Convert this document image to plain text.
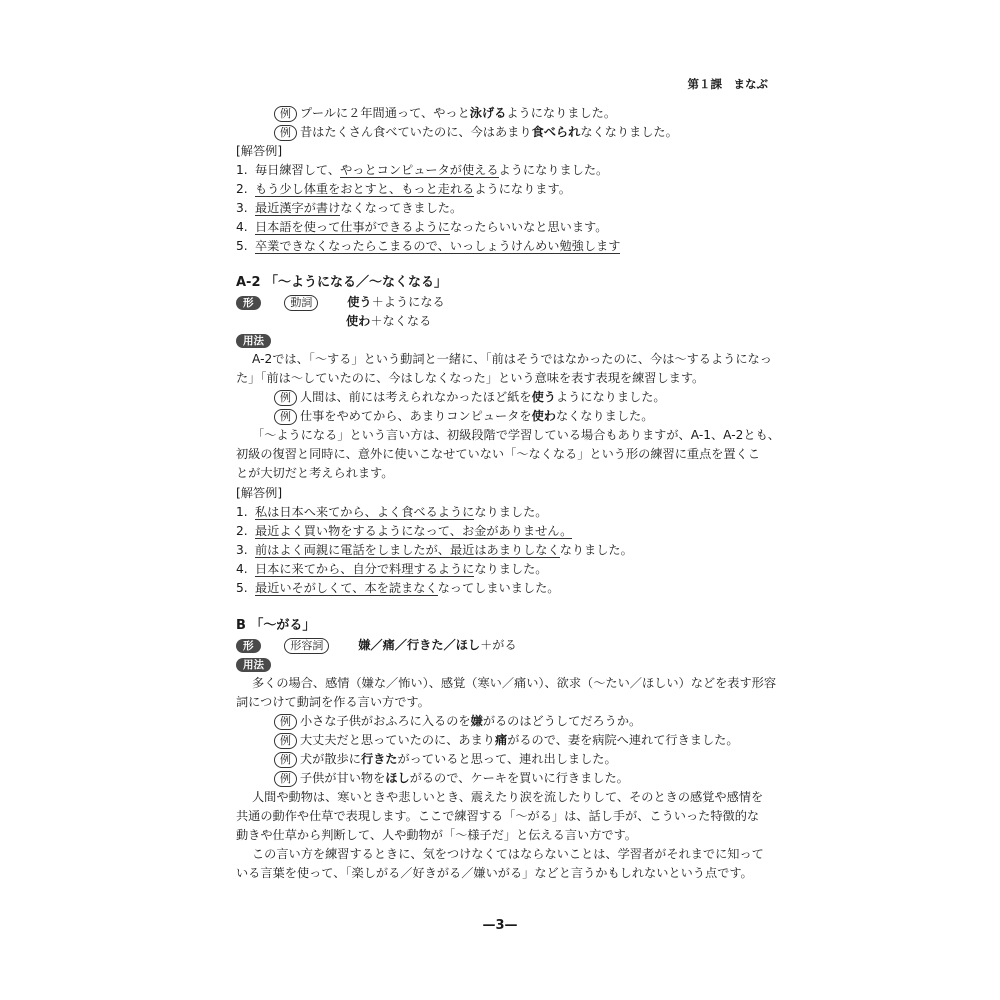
第１課　まなぶ
例 プールに２年間通って、やっと泳げるようになりました。
例 昔はたくさん食べていたのに、今はあまり食べられなくなりました。
[解答例]
1. 毎日練習して、やっとコンピュータが使えるようになりました。
2. もう少し体重をおとすと、もっと走れるようになります。
3. 最近漢字が書けなくなってきました。
4. 日本語を使って仕事ができるようになったらいいなと思います。
5. 卒業できなくなったらこまるので、いっしょうけんめい勉強します
A-2 「〜ようになる／〜なくなる」
形	動詞	使う＋ようになる
使わ＋なくなる
用法
A-2では、「〜する」という動詞と一緒に、「前はそうではなかったのに、今は〜するようになっ
た」「前は〜していたのに、今はしなくなった」という意味を表す表現を練習します。
例 人間は、前には考えられなかったほど紙を使うようになりました。
例 仕事をやめてから、あまりコンピュータを使わなくなりました。
「〜ようになる」という言い方は、初級段階で学習している場合もありますが、A-1、A-2とも、
初級の復習と同時に、意外に使いこなせていない「〜なくなる」という形の練習に重点を置くこ
とが大切だと考えられます。
[解答例]
1. 私は日本へ来てから、よく食べるようになりました。
2. 最近よく買い物をするようになって、お金がありません。
3. 前はよく両親に電話をしましたが、最近はあまりしなくなりました。
4. 日本に来てから、自分で料理するようになりました。
5. 最近いそがしくて、本を読まなくなってしまいました。
B 「〜がる」
形	形容詞	嫌／痛／行きた／ほし＋がる
用法
多くの場合、感情（嫌な／怖い）、感覚（寒い／痛い）、欲求（〜たい／ほしい）などを表す形容
詞につけて動詞を作る言い方です。
例 小さな子供がおふろに入るのを嫌がるのはどうしてだろうか。
例 大丈夫だと思っていたのに、あまり痛がるので、妻を病院へ連れて行きました。
例 犬が散歩に行きたがっていると思って、連れ出しました。
例 子供が甘い物をほしがるので、ケーキを買いに行きました。
人間や動物は、寒いときや悲しいとき、震えたり涙を流したりして、そのときの感覚や感情を
共通の動作や仕草で表現します。ここで練習する「〜がる」は、話し手が、こういった特徴的な
動きや仕草から判断して、人や動物が「〜様子だ」と伝える言い方です。
この言い方を練習するときに、気をつけなくてはならないことは、学習者がそれまでに知って
いる言葉を使って、「楽しがる／好きがる／嫌いがる」などと言うかもしれないという点です。
—3—
